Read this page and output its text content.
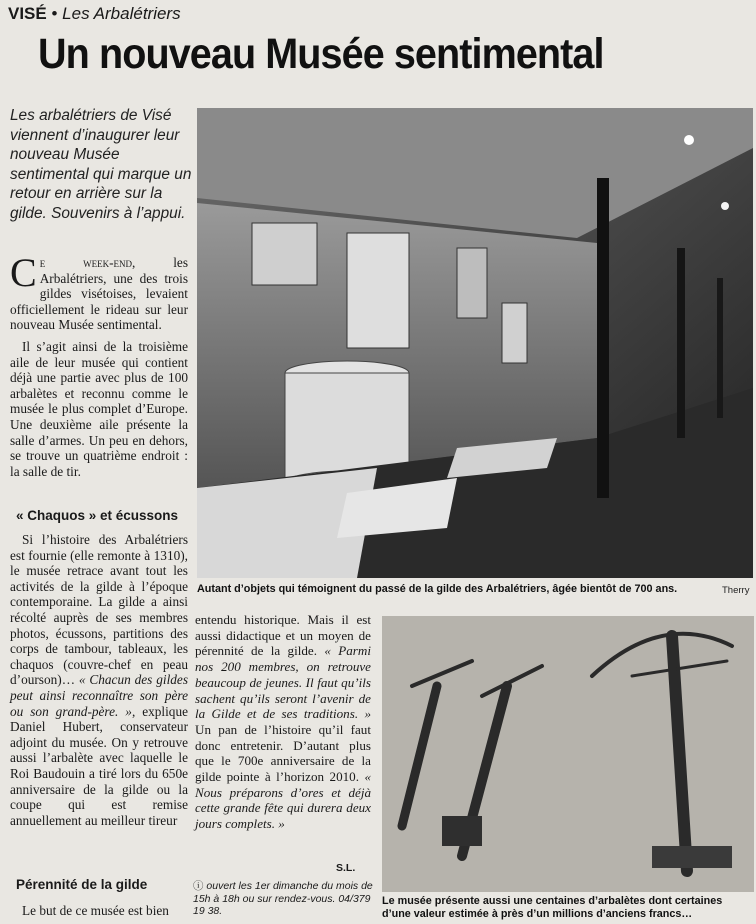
VISÉ • Les Arbalétriers
Un nouveau Musée sentimental
Les arbalétriers de Visé viennent d’inaugurer leur nouveau Musée sentimental qui marque un retour en arrière sur la gilde. Souvenirs à l’appui.

Ce week-end, les Arbalétriers, une des trois gildes visétoises, levaient officiellement le rideau sur leur nouveau Musée sentimental.

Il s’agit ainsi de la troisième aile de leur musée qui contient déjà une partie avec plus de 100 arbalètes et reconnu comme le musée le plus complet d’Europe. Une deuxième aile présente la salle d’armes. Un peu en dehors, se trouve un quatrième endroit : la salle de tir.

« Chaquos » et écussons

Si l’histoire des Arbalétriers est fournie (elle remonte à 1310), le musée retrace avant tout les activités de la gilde à l’époque contemporaine. La gilde a ainsi récolté auprès de ses membres photos, écussons, partitions des corps de tambour, tableaux, les chaquos (couvre-chef en peau d’ourson)… « Chacun des gildes peut ainsi reconnaître son père ou son grand-père. », explique Daniel Hubert, conservateur adjoint du musée. On y retrouve aussi l’arbalète avec laquelle le Roi Baudouin a tiré lors du 650e anniversaire de la gilde ou la coupe qui est remise annuellement au meilleur tireur

Pérennité de la gilde

Le but de ce musée est bien

entendu historique. Mais il est aussi didactique et un moyen de pérennité de la gilde. « Parmi nos 200 membres, on retrouve beaucoup de jeunes. Il faut qu’ils sachent qu’ils seront l’avenir de la Gilde et de ses traditions. » Un pan de l’histoire qu’il faut donc entretenir. D’autant plus que le 700e anniversaire de la gilde pointe à l’horizon 2010. « Nous préparons d’ores et déjà cette grande fête qui durera deux jours complets. »

S.L.
ⓘ ouvert les 1er dimanche du mois de 15h à 18h ou sur rendez-vous. 04/379 19 38.
Autant d’objets qui témoignent du passé de la gilde des Arbalétriers, âgée bientôt de 700 ans.	Therry
Le musée présente aussi une centaines d’arbalètes dont certaines d’une valeur estimée à près d’un millions d’anciens francs…
